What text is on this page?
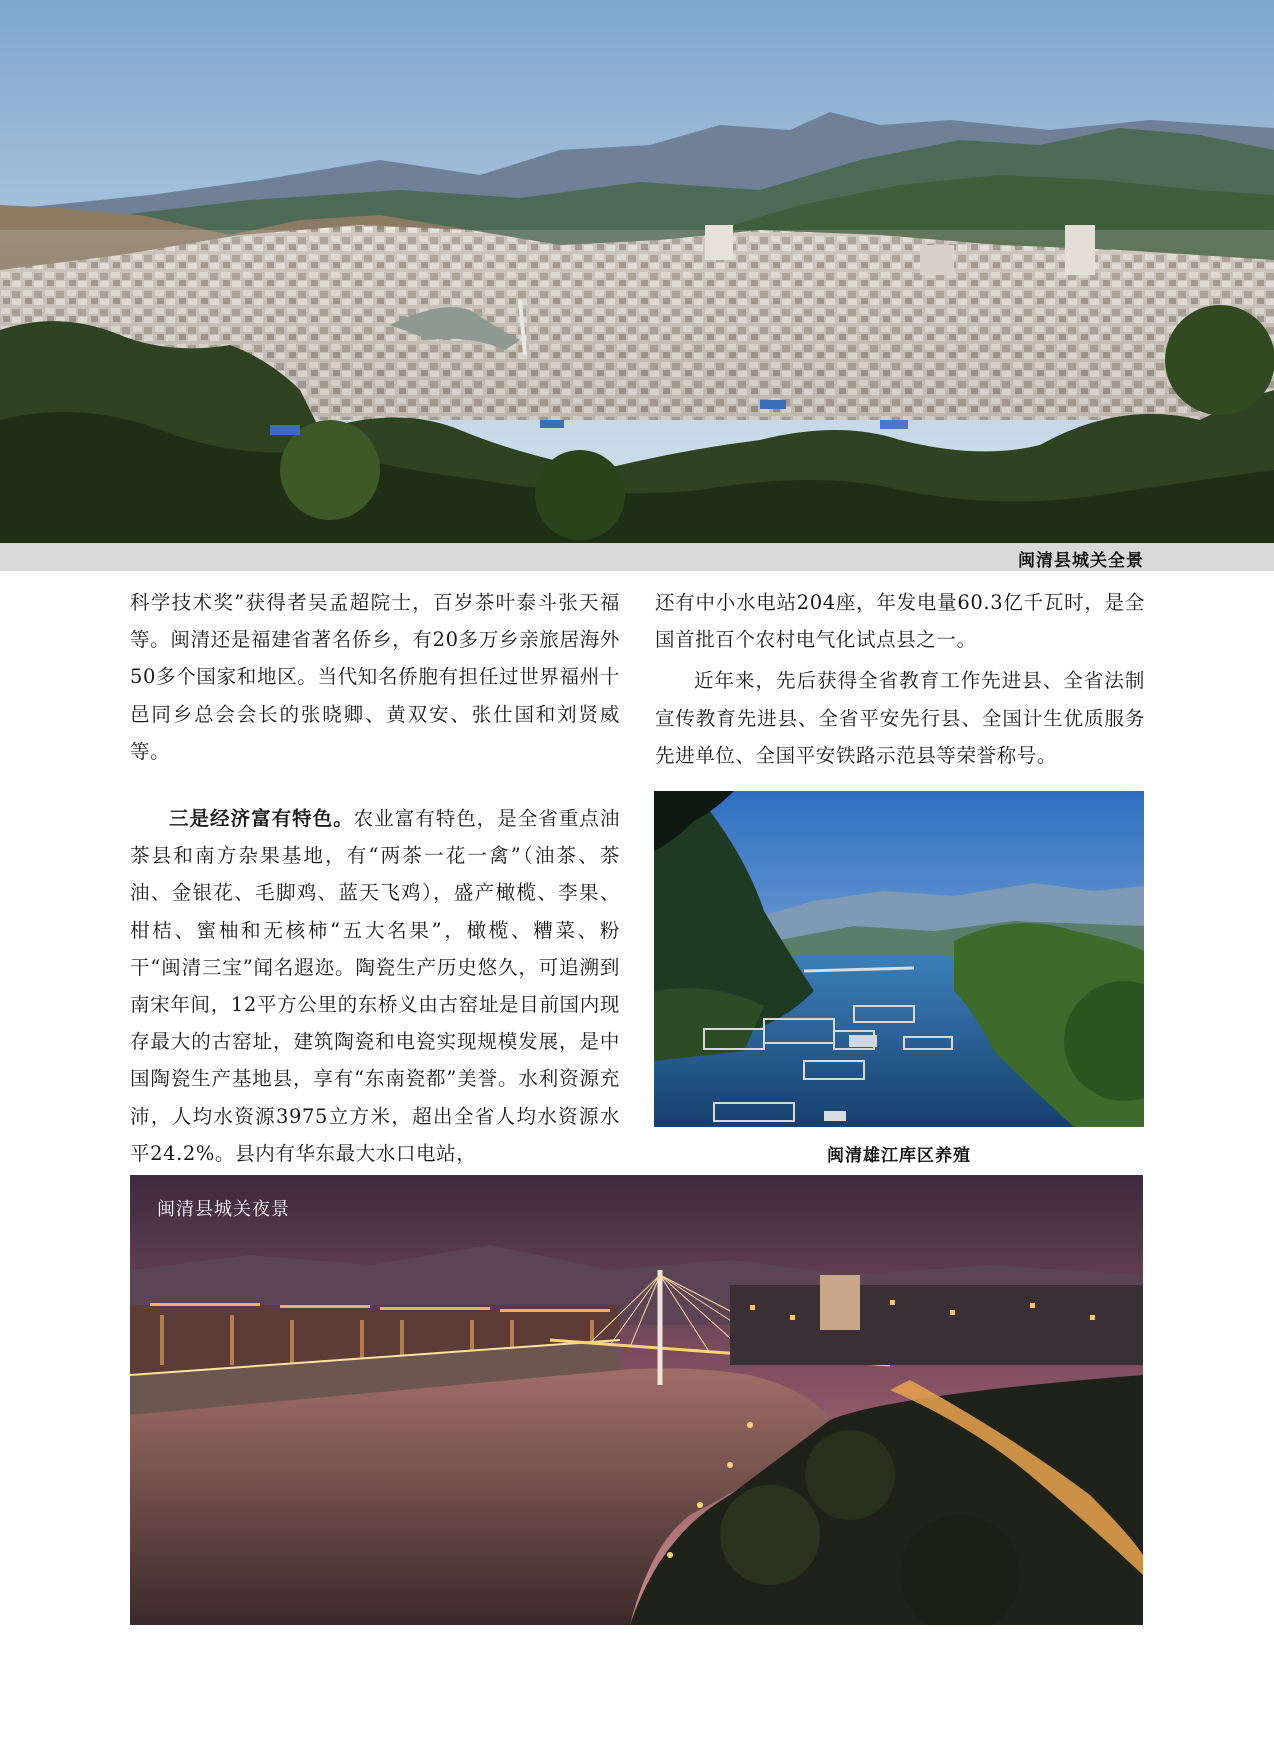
闽清县城关全景

科学技术奖”获得者吴孟超院士，百岁茶叶泰斗张天福等。闽清还是福建省著名侨乡，有20多万乡亲旅居海外50多个国家和地区。当代知名侨胞有担任过世界福州十邑同乡总会会长的张晓卿、黄双安、张仕国和刘贤威等。

三是经济富有特色。农业富有特色，是全省重点油茶县和南方杂果基地，有“两茶一花一禽”（油茶、茶油、金银花、毛脚鸡、蓝天飞鸡），盛产橄榄、李果、柑桔、蜜柚和无核柿“五大名果”，橄榄、糟菜、粉干“闽清三宝”闻名遐迩。陶瓷生产历史悠久，可追溯到南宋年间，12平方公里的东桥义由古窑址是目前国内现存最大的古窑址，建筑陶瓷和电瓷实现规模发展，是中国陶瓷生产基地县，享有“东南瓷都”美誉。水利资源充沛，人均水资源3975立方米，超出全省人均水资源水平24.2%。县内有华东最大水口电站，

还有中小水电站204座，年发电量60.3亿千瓦时，是全国首批百个农村电气化试点县之一。

近年来，先后获得全省教育工作先进县、全省法制宣传教育先进县、全省平安先行县、全国计生优质服务先进单位、全国平安铁路示范县等荣誉称号。

闽清雄江库区养殖
闽清县城关夜景
